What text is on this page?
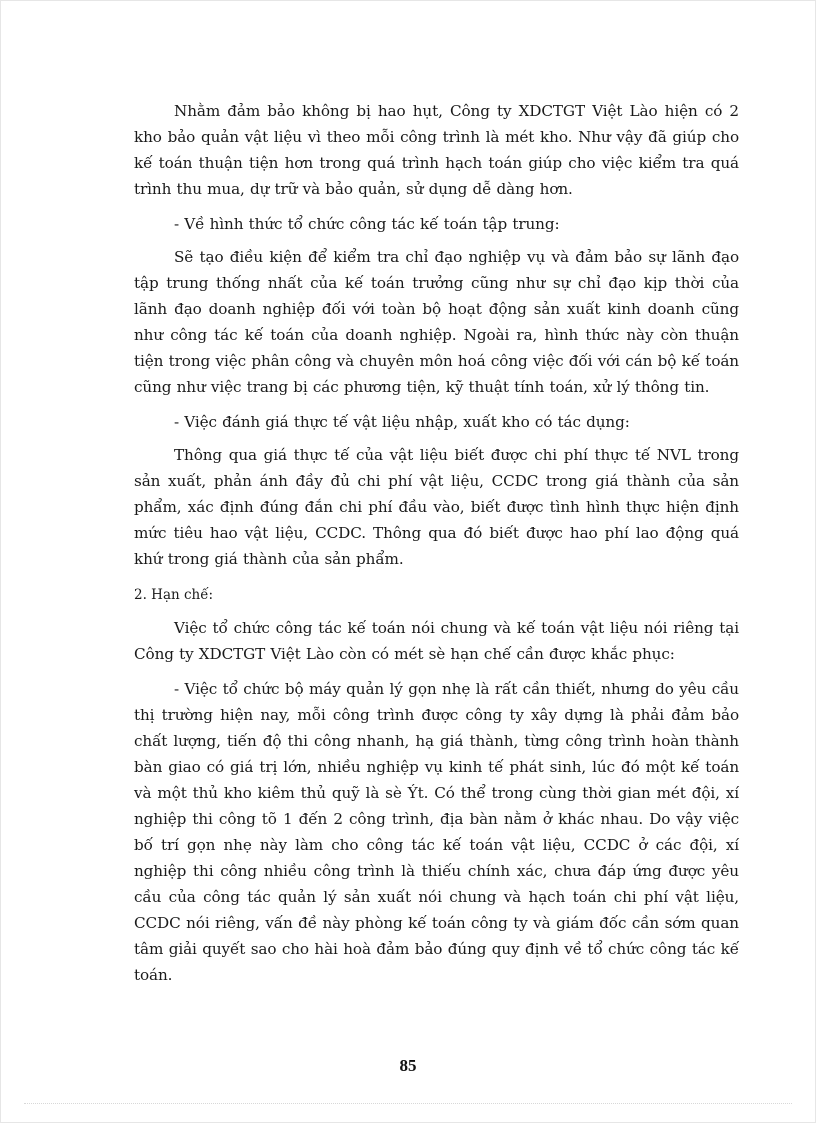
Nhằm đảm bảo không bị hao hụt, Công ty XDCTGT Việt Lào hiện có 2 kho bảo quản vật liệu vì theo mỗi công trình là mét kho. Như vậy đã giúp cho kế toán thuận tiện hơn trong quá trình hạch toán giúp cho việc kiểm tra quá trình thu mua, dự trữ và bảo quản, sử dụng dễ dàng hơn.

- Về hình thức tổ chức công tác kế toán tập trung:

Sẽ tạo điều kiện để kiểm tra chỉ đạo nghiệp vụ và đảm bảo sự lãnh đạo tập trung thống nhất của kế toán trưởng cũng như sự chỉ đạo kịp thời của lãnh đạo doanh nghiệp đối với toàn bộ hoạt động sản xuất kinh doanh cũng như công tác kế toán của doanh nghiệp. Ngoài ra, hình thức này còn thuận tiện trong việc phân công và chuyên môn hoá công việc đối với cán bộ kế toán cũng như việc trang bị các phương tiện, kỹ thuật tính toán, xử lý thông tin.

- Việc đánh giá thực tế vật liệu nhập, xuất kho có tác dụng:

Thông qua giá thực tế của vật liệu biết được chi phí thực tế NVL trong sản xuất, phản ánh đầy đủ chi phí vật liệu, CCDC trong giá thành của sản phẩm, xác định đúng đắn chi phí đầu vào, biết được tình hình thực hiện định mức tiêu hao vật liệu, CCDC. Thông qua đó biết được hao phí lao động quá khứ trong giá thành của sản phẩm.

2. Hạn chế:

Việc tổ chức công tác kế toán nói chung và kế toán vật liệu nói riêng tại Công ty XDCTGT Việt Lào còn có mét sè hạn chế cần được khắc phục:

- Việc tổ chức bộ máy quản lý gọn nhẹ là rất cần thiết, nhưng do yêu cầu thị trường hiện nay, mỗi công trình được công ty xây dựng là phải đảm bảo chất lượng, tiến độ thi công nhanh, hạ giá thành, từng công trình hoàn thành bàn giao có giá trị lớn, nhiều nghiệp vụ kinh tế phát sinh, lúc đó một kế toán và một thủ kho kiêm thủ quỹ là sè Ýt. Có thể trong cùng thời gian mét đội, xí nghiệp thi công tõ 1 đến 2 công trình, địa bàn nằm ở khác nhau. Do vậy việc bố trí gọn nhẹ này làm cho công tác kế toán vật liệu, CCDC ở các đội, xí nghiệp thi công nhiều công trình là thiếu chính xác, chưa đáp ứng được yêu cầu của công tác quản lý sản xuất nói chung và hạch toán chi phí vật liệu, CCDC nói riêng, vấn đề này phòng kế toán công ty và giám đốc cần sớm quan tâm giải quyết sao cho hài hoà đảm bảo đúng quy định về tổ chức công tác kế toán.

85
